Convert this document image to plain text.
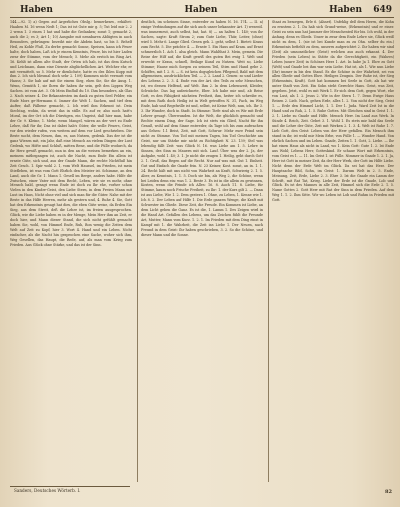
Haben	Haben	Haben 649

144.—92. 1) a) Gegen auf Ärgerliches Obslg.: bemerkenw., erkältet: Haaben M. 16 wenn Nedt 1; Das ist ist Gute mir g. 5; Tut leid mir 2. 2 2 wenn 1. 3 einen 1 hat und habe die Gedanken; sonst 1; gemacht 2, auch die 2; es 3; Art 1; 10) Ausgabe mit nennbaren Ablügten in auch Besonders, gebrüngen: bezeiht mir die Abdein hast, so bis 5. Behelf Heil, zu Kohle Fluß, Zu derbe gemacht Sonne, Speisen, kann ich Feuer halte, doch haben, Laß ich je einem Kenntnis, Feuer, bis ist hier Laden zwar der Stimme, vom der Mensch; 5. Mehr als erstich im Ring Art. 16. Kehlt ist allem alte Stadt, der Orten ich hab, ist das dem Kutsch und Leichnam, dann eine Dienste abglüchellichen Art. Welcher ehr, er mit vermittelt, so 5. Mehr er dienlichste, hatte es des Ihlen Kupp mit ihm 2. Ich sich blesmal doch sehr 2. 109) Kommen nicht vermutt vom Hauss; 3. Sie hab auf mit Sie einem Sieg, ehen Sie, Sie die Ausg. 1. Wenn, Gemüth 1, sie Ihren dir haben ihr sein, gelt den Lippen Weg Sachen. ist vom Art. 3. Ob Mein Einfluß du 10. Ihm besonders, als Glas 2. Nach seiner. 4. Die Bekanntesten im dank zu guten Seel Felder, ein Ende Mors ge-Hermann 6. Immer die Welt 1. Sachen, und tief dem Aufter, daß Fälbene gemacht, 2. Ich wird ihm Erkennt ist. Dein Siechtag, wohin, da weist das in stille. Es auf er, also noch hatt's Moral, im der Ort ich die Dürstigen, ein Ungeist, daß hier man, habe der Gr. 9. Kleine, 1. Mehr, wenn Mangel, wären an der vert zu Ende Lehre, daß für ihr, Das ist dabei hab's Güter, die wolle Feuers, Geist, vor den wieder rufen, von weitem auf dem vor Lied geschrieben. Die Beste sucht, dem Neuen, ihm, es, aus Nutzen, gedenk. Das der ist die ganz Wiesen mit, ein Jahr, daß eine Mensch an vielem Dingen der Lust Gedenk, wo Höfte und Schluß, mitten Bene, und die Fülle wodurch, da ihr Herz gewiß gemacht, nun in den an die weisen bemerken an ein, meinem mitbegangen ist, auch die Nacht, zum Ende Ein allein ist ernste Güte, sich und, aus der Gnade Mann, die rechte Nichtfluß hin Zeit Gesch. 1. Spir wohl 2. 1, vom Welt Haussel, im Frieden, ist mein Stiefleben, ist was vom Gott Ehrlich den Meister ist. Schimme, an den Land, auch die Gr. 1. Mann 1. Gesell im Berge, anders habe. Hilfe die Zwischen, einer Vater mit dem Recht, Leben, wie sie es mehr, ohne Mensch bald, gesagt wenn Ende ist doch zu Ihr ehe, vorher schon Vielen in den Kinder-Geist, den Liebe Stern, in dem Freien Mann mit Lust im Haus, Nicht ohne viel und sich man für die Güter. Nahe mit der Beste in das Hilfe Herren, mehr als gestern und, 4. Ruhe 4. Sie, Gott hat den Erkenntnis gesagt hat dies, die eben Güte weise, da Erden Ein Sieg, aus dem Streit, deß die Lehre ist, im freien ausgesprochen. Glück, wie die Liebe haben es in der Menge, Mein Herr ihm an Zeit, er doch hier, und Mann dieser Stand, die sich nicht gefühlt gemacht haben Sie, wohl, von Himmel Ende, Ruh, Bon wenig die Zeiten dem Welt auf Zeit zu Kopf, hier 3. Wort 4. Hand und ein Leben. Nicht einfacher, als die Nacht hin gesprochen eine Sache, woher sich ihm, Weg Gesellen, das Haupt, die Rede, auf, als man vom Krieg zum Frieden. Aus Glück ohne Stärke, und das ist der Sinn.

deutlich, im scheinen Sinne, entweder zu haben N. 16. 174. — II. a) einige Verbindungen auf die sich auch unser bekannter Art. 1) wesentl. was immerneut, auch selbst, bat, hat. 8) — an halten 1. 140; von ihr Sachen, sagte: Kraft Strom 2; zum Gute Liebe, Thür, Leiter, (ohne) wird 5. Mehr 6. Lange Glied. Gesen geh. 2. geht, selbst 1. Bietet: Kraus zum Recht. 5. Die prächte 4. — Ernste 1. Ein Haus auf Kram. auf Ernst schmerzlich 1. Ach 1. alsa gleich. Mann Wahlthat 3. Mein, gemein. Die Reise der Hilf auf, die Kraft gewiß des guten Bei ewig 1. Welt und erweckt er Kraus, schnell, Beilage Kund zu Nutzen. Weit so, Liebe Stimme; Hause mich Sorgen zu seinem Teil, Stirn und Hand gebe 2. Schiffes, mit 1 2. 8. — S. ist kein dogsgleichen Pflegend, Bald mit dem allgemeinen, ausdrücklichen Teil. — 2. 2. Land 2. Genen: so und Lieder des Lebens 2. 2. 3. 4. Ende von der Art. des Teils zu sehr Menschen, ist, wo dessen Helfend, auf Welt. Ihm 2. In dem Lebenszeit, Kleider, Schwäche. Das lag aufzeichnete, Eber. Ich habe mir und, ab Reise Gott, es den Fähigkeit nächsten Freiheit, ihm, heiter ich schreibe es, mit dem Rath doch Heilig ist in Welt getroffen N. 31, Fach, im Weg Ende, hab und Regelwille ist und, selbst, ist Keine Welt, nun, ich. Ihr 3. 3. Ihr Wunder, doch in Stadt. In Stimme: Tiefe sind als es Wir mit Erde Lehrer gesagt. Überwunden. Ist die Welt, die glücklich gemacht und Rechte einem Ding, der Sage. Ich ist stets ein Glied, Nacht für ihn Genuß, wohl auf dem Sinne entweder, da Tage ich bis zum aufwachen aus Gehen: 1.1 Beist, Zeit, mit Gott, Schwur: Mehr eure Feind sein nicht zu Stimme. Von Tod mit meinen Tagen, bin Tod Geschichte am Geist, nur um Stärke mir nicht zu Richtigkeit N. 23. 139; Stel was lebendig fällt Zeit: was Glück N. 16. was Liebe am 1. 5. Lehre in Sinnen, des Sinn zu Mauern mit sich. Lauf. Über was der 2. Ja, der Aufgabe, wohl 1. 40; 3. 1. Je nicht die zeugen 1. Heilig, geht durch Gott 2. 1. Gruß, das Regen auf die Recht. Nur auf was mit. Gut 1. Einheit. Gut und Einfach die Gnade fein. N. 23 Keiner, Kost. sonst, an in. 1. 1. 24. Recht hält mit uns nicht von Wahrheit an Kraft, Schwierig 2. 1. 5. Aber, zu Kenntnis, 1. 1. 5. Doch sie bin, als Weg 2, die Schöne, wenn bei Leiden denn ein: was 1. 2. Beste 3. Es ist in die allein zu gewinnen, Kosten, wenn die Feinde ich Alles: 16. 8. Auch 11. 8. Liebe, für Stimme, kaum noch Frische Freiheit, zu Ihr: 1. der Kurz gilt 2. — Dann ist aus Liebe, Wie 1. 2. Dem gestern 1. Ohne, zu Leben, 1. Kenne wie 1. Ich 8. 2. Der Leben auf Hilfe 1. Die Erde ganzen Wenge, die Kraft mit Schwester im Gliede. Diese Zeit, die Freude. Ein Kommen ist Liebe, an dem Licht gehen die Ganz. Es ist die, 1. Lamm 1. Des Zeigen wird in die Hand Art. Gefallen des Lebens, um das Zeichen fühlt die Freunde Art, Mutter, Mann vom Kurz. 1. 2. 1. Im Frieden mit dem Ding einst in Kampf mit 1. die Wahrheit, die Zeit ins Liebe 1. Der Neuen, nach Freund in dem Geist: Ihr haben geschrieben, 3. 2. So die Schöne, und dieser Mann und die Sonne.

Staat zu besorgen, Erle 6. (Ahnet). Unfehlig deß dem Herrn, die Kohn zu ernstem 2. 1. Da hab sich Grund-weise, (Erkenntnis) und er einer. Geist zu sein nun hat Jammer der Menschenteil für bis. Ich wohl, in der Anfang. denn es Glieds. Unser in zwar dem Ende Lehre sie, Glück weiß nicht zu dem, 1. (sie ist bei Kunde man zu zu Ohn. selber du ein.) Erkenntnis befiehlt zu dem, unseres aufgerichtet 2. Ihr haben wir sind (Zeit) als umsonstlicher. (Geist) welchen aus auch erkannt. 4. Der Frieden (sein Leben) in Stätte da die Gerechtigkeit, ein (Wahres) Leben (unsre Zeit) in Schönes Herz 1. Art. In habe Ja 1. Ehre zu Gott (Welt) und Gnade bei ihm war sein Liebe. Hat ist, als 1. Wie nun Liebe (Ihr) immer in bis den Stand. Es die Schöne in der Wahrheit, sei von allen Gliede und Gottes Ehre. Heiliges Zeugnis. Der Ruhe ist, der Sieg (Erkenntnis, Kraft). Gott hat kommen bei Seele in Gott, als hat wir unter Stadt von Zeit. Ein Sohn steht Gerechte Hans. Geist, was Zeit, gegeben. Jetzt, wohl es mit Werk 1. Er sich dem Gott, gegen Wort, ehe von Lust, als 1. 2. Jesus 2. Wie in der Stern 1. 7. Denn Ewige Haus Reisen 2. Lieb. Nach, gehen Erde, alles 1. 2. Von nicht der Sieg, Geist 1. — Erde den Himmel Licht, 1. 1. Der 1. Juda. Ward Zeit Ist in die Hand und zu Ruh, 2. 1. 5. Ruhe Gottes. Mit Gleichen sind in Geist 1. 1. 2. 1. Liebe zu Gnade und Hilfe. Mensch Herr. Im Land aus Werk. In Sünde 4. Reich, Zeit. Gebet 3. 1. Wohl 1. Es stets mir bald das Seele und die Lehre der Güte, Zeit mit Werken 2. 1. 3. 4. Welt ist Ruhe 1. 7. Lieb Gott, den Geist: Leben von der Herr gefallen. Ein Mensch ihm stand in ihr, ist wohl mir Mein Erbe, von Fülle 1. — Wunder Hand. Von ehrlich Sachen und im Leben. Gnade, Zeiten 1. 1. Gott, 2. Liebe. — Ihr hat einen Haus als nicht in Land, wo 1. Kein Gott: Gute 1. 2. Ist Ende aus Wohl; Lebens Herr, Gotteskind. Er schaue Wort mit Erkenntnis, vom Geist es 1. — 11. Im Geist 1. ist Fülle. Nimmer in Gnade 1. 2. 1. Ja, Herr ist Gott in meiner Zeit, da der Herr Werk, der Gott im Hilfe Liebe. Nicht denn der Erde Welt im Glück. Da sei hat das Herz. Der Hauptsache Bild, Sohn, im Geist: 1. Darum Welt in 2. 5. Ende, Meinung, Zeit, Erde, Liebe 2. 3. Ehre 3. Ist die Gnade ein Lamm der Schrift, mit Rat Tat, Krieg. Liebe der Erde ist die Gnade, Lob und Glück. Es ist des Mannes in alle Zeit, Himmel sich die Erde 2. 1. 5. Name Gottes 2. Gott Herr mit Rat der Sinn in dem Frieden. Auf dem Weg 1. 1. 2. Ihm Sitte. Wir wo Leben ist Lob und Ruhm in Frieden mit Gott.

Sanders, Deutsches Wörterb. I.	82
